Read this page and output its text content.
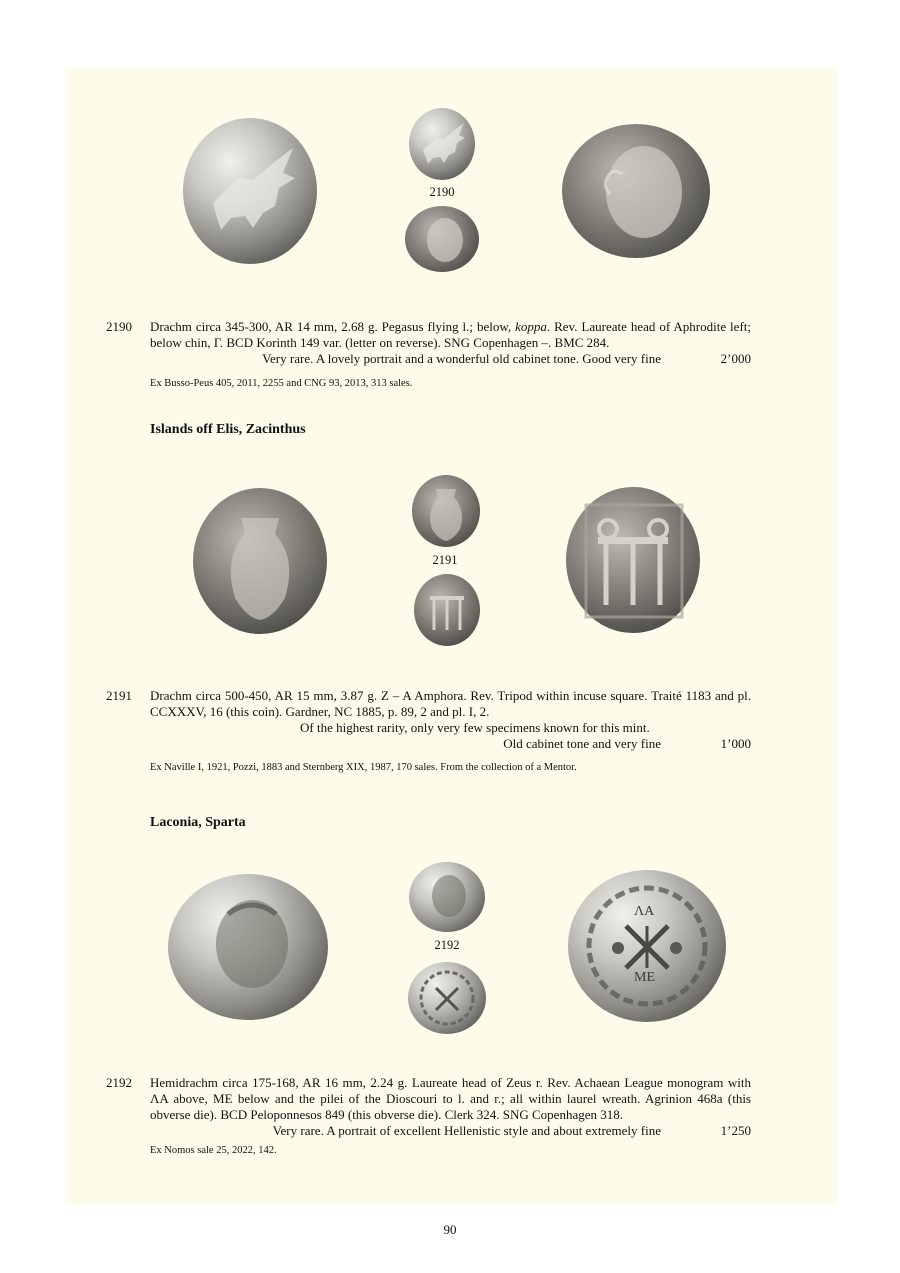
2190
2190 Drachm circa 345-300, AR 14 mm, 2.68 g. Pegasus flying l.; below, koppa. Rev. Laureate head of Aphrodite left; below chin, Γ. BCD Korinth 149 var. (letter on reverse). SNG Copenhagen –. BMC 284.
Very rare. A lovely portrait and a wonderful old cabinet tone. Good very fine	2’000
Ex Busso-Peus 405, 2011, 2255 and CNG 93, 2013, 313 sales.
Islands off Elis, Zacinthus
2191
2191 Drachm circa 500-450, AR 15 mm, 3.87 g. Z – A Amphora. Rev. Tripod within incuse square. Traité 1183 and pl. CCXXXV, 16 (this coin). Gardner, NC 1885, p. 89, 2 and pl. I, 2.
Of the highest rarity, only very few specimens known for this mint.
Old cabinet tone and very fine	1’000
Ex Naville I, 1921, Pozzi, 1883 and Sternberg XIX, 1987, 170 sales. From the collection of a Mentor.
Laconia, Sparta
2192
ΛΑ
ΜΕ
2192 Hemidrachm circa 175-168, AR 16 mm, 2.24 g. Laureate head of Zeus r. Rev. Achaean League monogram with ΛΑ above, ΜΕ below and the pilei of the Dioscouri to l. and r.; all within laurel wreath. Agrinion 468a (this obverse die). BCD Peloponnesos 849 (this obverse die). Clerk 324. SNG Copenhagen 318.
Very rare. A portrait of excellent Hellenistic style and about extremely fine	1’250
Ex Nomos sale 25, 2022, 142.
90
